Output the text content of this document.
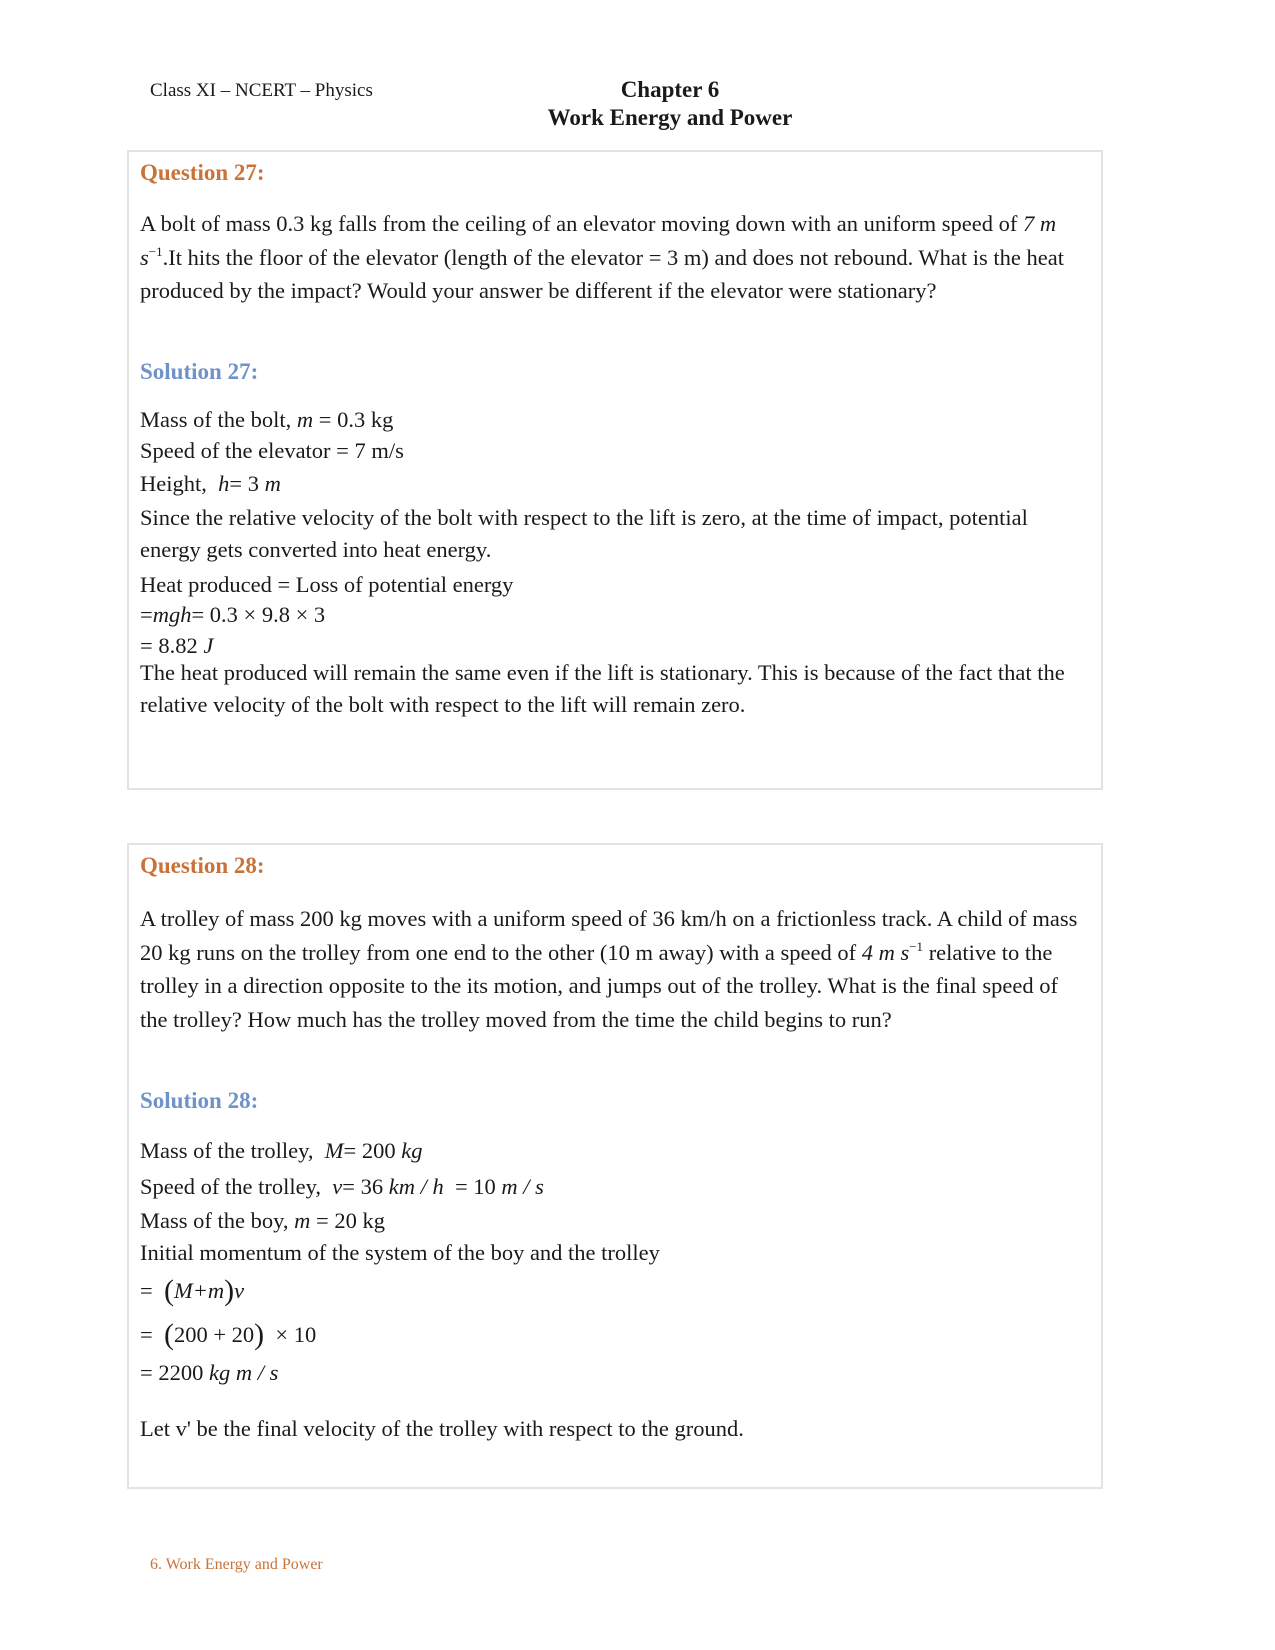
Class XI – NCERT – Physics	Chapter 6
Work Energy and Power

Question 27:

A bolt of mass 0.3 kg falls from the ceiling of an elevator moving down with an uniform speed of 7 m $s^{-1}.It$ hits the floor of the elevator (length of the elevator = 3 m) and does not rebound. What is the heat produced by the impact? Would your answer be different if the elevator were stationary?

Solution 27:

Mass of the bolt, m = 0.3 kg
Speed of the elevator = 7 m/s
Height, h= 3 m

Since the relative velocity of the bolt with respect to the lift is zero, at the time of impact, potential energy gets converted into heat energy.

Heat produced = Loss of potential energy
=mgh= 0.3 × 9.8 × 3
= 8.82 J

The heat produced will remain the same even if the lift is stationary. This is because of the fact that the relative velocity of the bolt with respect to the lift will remain zero.

Question 28:

A trolley of mass 200 kg moves with a uniform speed of 36 km/h on a frictionless track. A child of mass 20 kg runs on the trolley from one end to the other (10 m away) with a speed of 4 m $s^{-1}$ relative to the trolley in a direction opposite to the its motion, and jumps out of the trolley. What is the final speed of the trolley? How much has the trolley moved from the time the child begins to run?

Solution 28:

Mass of the trolley, M= 200 kg
Speed of the trolley, v= 36 km / h = 10 m / s
Mass of the boy, m = 20 kg
Initial momentum of the system of the boy and the trolley
= (M+m)v
= (200 + 20) × 10
= 2200 kg m / s
Let v' be the final velocity of the trolley with respect to the ground.
6. Work Energy and Power
